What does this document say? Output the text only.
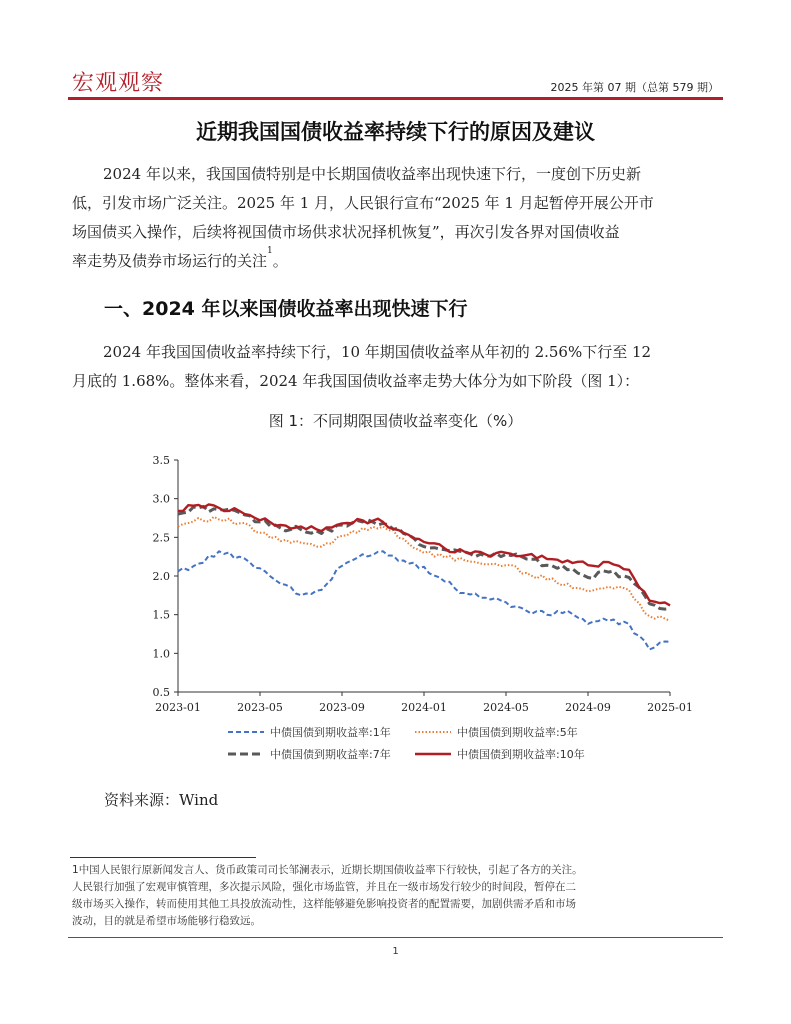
宏观观察	2025 年第 07 期（总第 579 期）
近期我国国债收益率持续下行的原因及建议
2024 年以来，我国国债特别是中长期国债收益率出现快速下行，一度创下历史新
低，引发市场广泛关注。2025 年 1 月，人民银行宣布“2025 年 1 月起暂停开展公开市
场国债买入操作，后续将视国债市场供求状况择机恢复”，再次引发各界对国债收益
率走势及债券市场运行的关注$^1$。
一、2024 年以来国债收益率出现快速下行
2024 年我国国债收益率持续下行，10 年期国债收益率从年初的 2.56%下行至 12
月底的 1.68%。整体来看，2024 年我国国债收益率走势大体分为如下阶段（图 1）：
图 1：不同期限国债收益率变化（%）
0.5
1.0
1.5
2.0
2.5
3.0
3.5
2023-01	2023-05	2023-09	2024-01	2024-05	2024-09	2025-01
中债国债到期收益率:1年	中债国债到期收益率:5年
中债国债到期收益率:7年	中债国债到期收益率:10年
资料来源：Wind
1中国人民银行原新闻发言人、货币政策司司长邹澜表示，近期长期国债收益率下行较快，引起了各方的关注。
人民银行加强了宏观审慎管理，多次提示风险，强化市场监管，并且在一级市场发行较少的时间段，暂停在二
级市场买入操作，转而使用其他工具投放流动性，这样能够避免影响投资者的配置需要，加剧供需矛盾和市场
波动，目的就是希望市场能够行稳致远。
1
